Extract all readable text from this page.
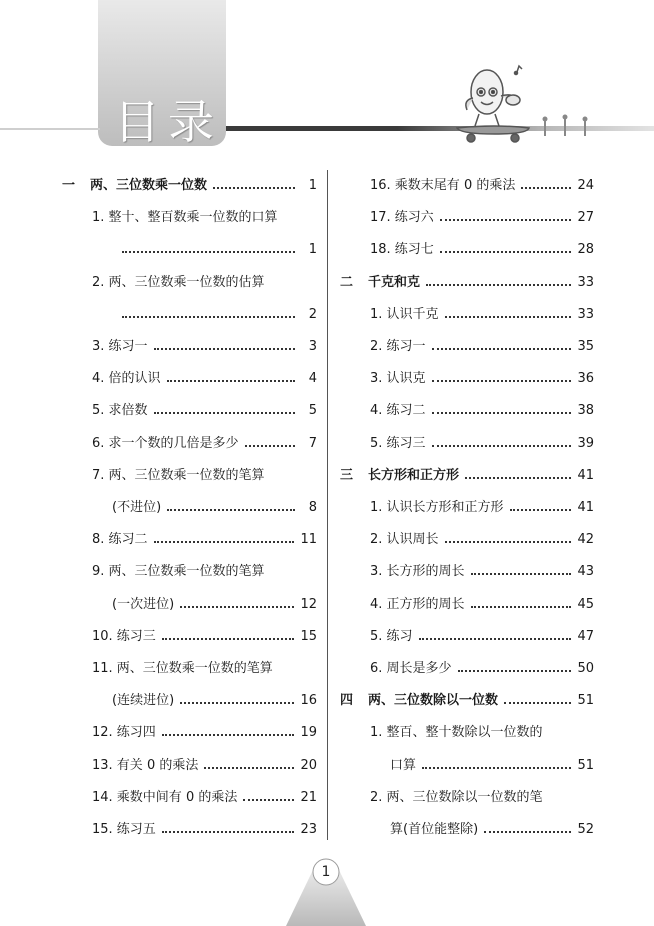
目录
一	两、三位数乘一位数	1
1. 整十、整百数乘一位数的口算
1
2. 两、三位数乘一位数的估算
2
3. 练习一	3
4. 倍的认识	4
5. 求倍数	5
6. 求一个数的几倍是多少	7
7. 两、三位数乘一位数的笔算
(不进位)	8
8. 练习二	11
9. 两、三位数乘一位数的笔算
(一次进位)	12
10. 练习三	15
11. 两、三位数乘一位数的笔算
(连续进位)	16
12. 练习四	19
13. 有关 0 的乘法	20
14. 乘数中间有 0 的乘法	21
15. 练习五	23
16. 乘数末尾有 0 的乘法	24
17. 练习六	27
18. 练习七	28
二	千克和克	33
1. 认识千克	33
2. 练习一	35
3. 认识克	36
4. 练习二	38
5. 练习三	39
三	长方形和正方形	41
1. 认识长方形和正方形	41
2. 认识周长	42
3. 长方形的周长	43
4. 正方形的周长	45
5. 练习	47
6. 周长是多少	50
四	两、三位数除以一位数	51
1. 整百、整十数除以一位数的
口算	51
2. 两、三位数除以一位数的笔
算(首位能整除)	52
1
